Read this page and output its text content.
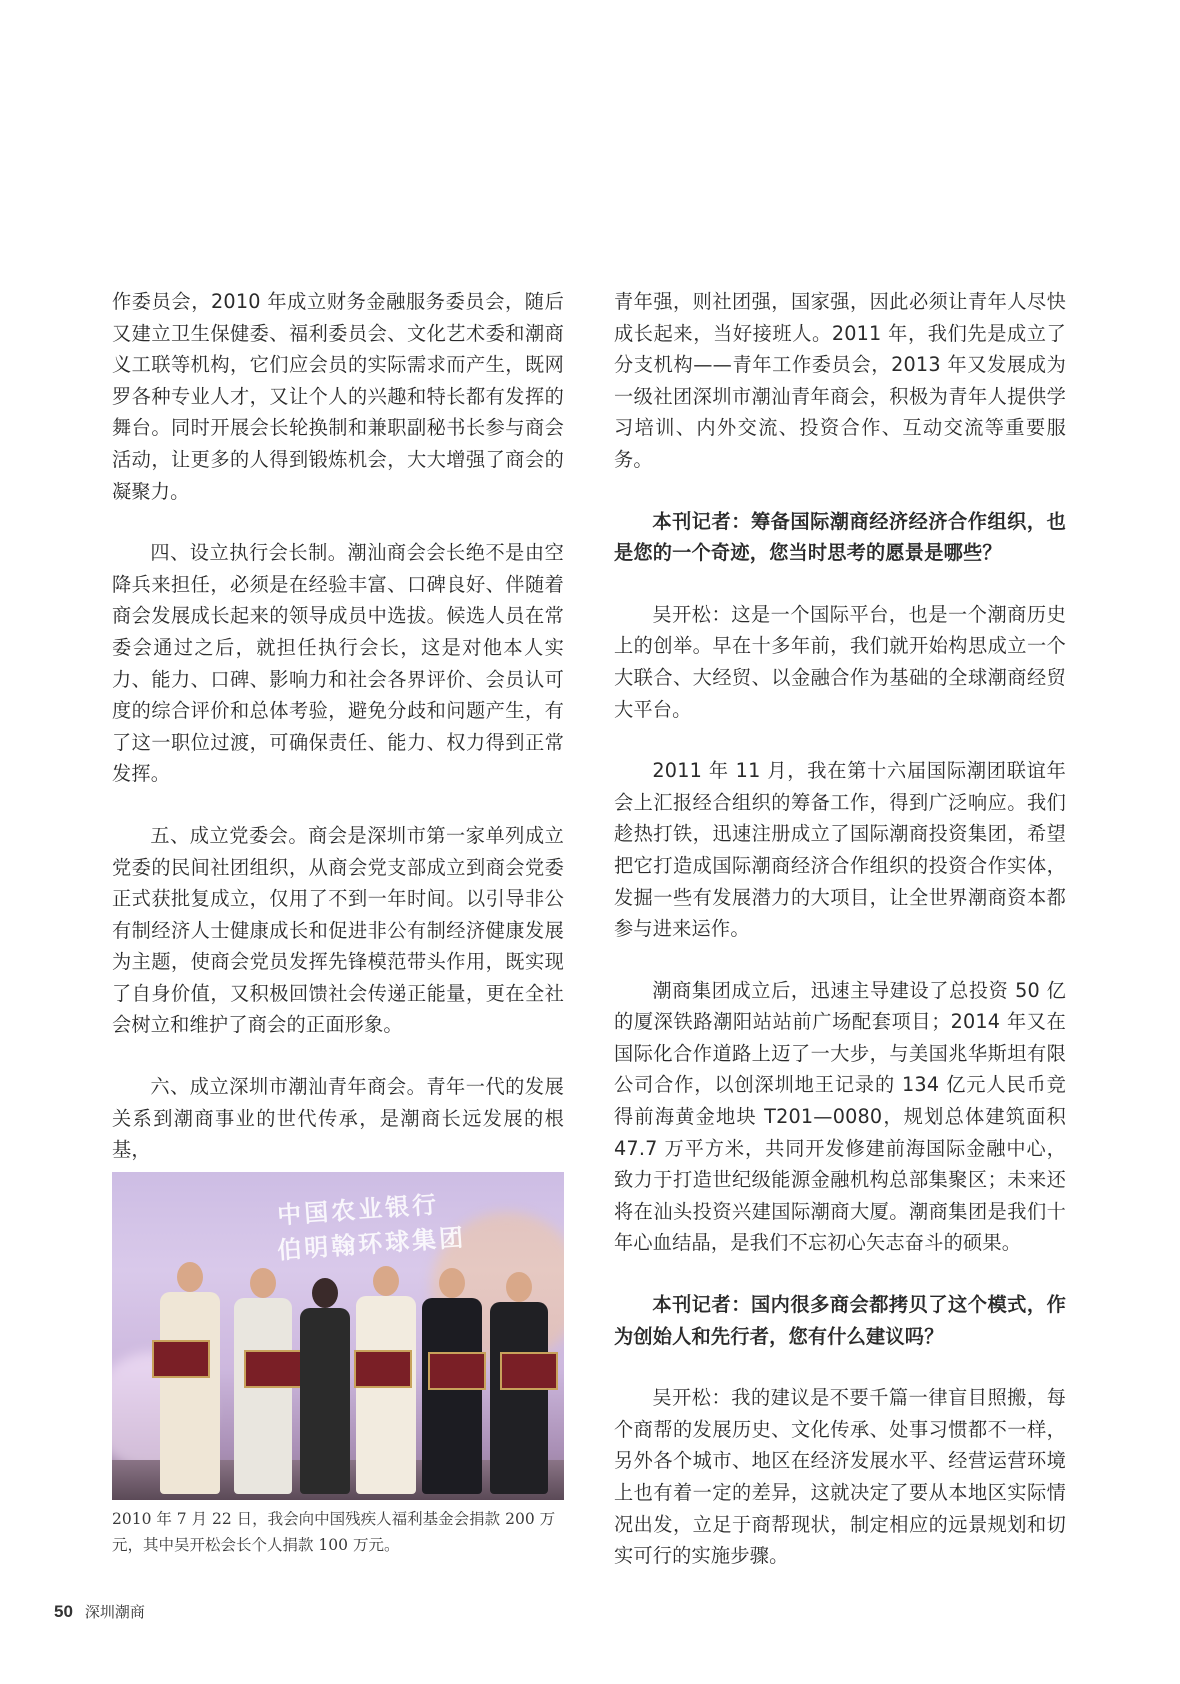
作委员会，2010 年成立财务金融服务委员会，随后又建立卫生保健委、福利委员会、文化艺术委和潮商义工联等机构，它们应会员的实际需求而产生，既网罗各种专业人才，又让个人的兴趣和特长都有发挥的舞台。同时开展会长轮换制和兼职副秘书长参与商会活动，让更多的人得到锻炼机会，大大增强了商会的凝聚力。

四、设立执行会长制。潮汕商会会长绝不是由空降兵来担任，必须是在经验丰富、口碑良好、伴随着商会发展成长起来的领导成员中选拔。候选人员在常委会通过之后，就担任执行会长，这是对他本人实力、能力、口碑、影响力和社会各界评价、会员认可度的综合评价和总体考验，避免分歧和问题产生，有了这一职位过渡，可确保责任、能力、权力得到正常发挥。

五、成立党委会。商会是深圳市第一家单列成立党委的民间社团组织，从商会党支部成立到商会党委正式获批复成立，仅用了不到一年时间。以引导非公有制经济人士健康成长和促进非公有制经济健康发展为主题，使商会党员发挥先锋模范带头作用，既实现了自身价值，又积极回馈社会传递正能量，更在全社会树立和维护了商会的正面形象。

六、成立深圳市潮汕青年商会。青年一代的发展关系到潮商事业的世代传承，是潮商长远发展的根基，

青年强，则社团强，国家强，因此必须让青年人尽快成长起来，当好接班人。2011 年，我们先是成立了分支机构——青年工作委员会，2013 年又发展成为一级社团深圳市潮汕青年商会，积极为青年人提供学习培训、内外交流、投资合作、互动交流等重要服务。

本刊记者：筹备国际潮商经济经济合作组织，也是您的一个奇迹，您当时思考的愿景是哪些？

吴开松：这是一个国际平台，也是一个潮商历史上的创举。早在十多年前，我们就开始构思成立一个大联合、大经贸、以金融合作为基础的全球潮商经贸大平台。

2011 年 11 月，我在第十六届国际潮团联谊年会上汇报经合组织的筹备工作，得到广泛响应。我们趁热打铁，迅速注册成立了国际潮商投资集团，希望把它打造成国际潮商经济合作组织的投资合作实体，发掘一些有发展潜力的大项目，让全世界潮商资本都参与进来运作。

潮商集团成立后，迅速主导建设了总投资 50 亿的厦深铁路潮阳站站前广场配套项目；2014 年又在国际化合作道路上迈了一大步，与美国兆华斯坦有限公司合作，以创深圳地王记录的 134 亿元人民币竞得前海黄金地块 T201—0080，规划总体建筑面积 47.7 万平方米，共同开发修建前海国际金融中心，致力于打造世纪级能源金融机构总部集聚区；未来还将在汕头投资兴建国际潮商大厦。潮商集团是我们十年心血结晶，是我们不忘初心矢志奋斗的硕果。

本刊记者：国内很多商会都拷贝了这个模式，作为创始人和先行者，您有什么建议吗？

吴开松：我的建议是不要千篇一律盲目照搬，每个商帮的发展历史、文化传承、处事习惯都不一样，另外各个城市、地区在经济发展水平、经营运营环境上也有着一定的差异，这就决定了要从本地区实际情况出发，立足于商帮现状，制定相应的远景规划和切实可行的实施步骤。

中国农业银行
伯明翰环球集团

2010 年 7 月 22 日，我会向中国残疾人福利基金会捐款 200 万元，其中吴开松会长个人捐款 100 万元。

50 深圳潮商
